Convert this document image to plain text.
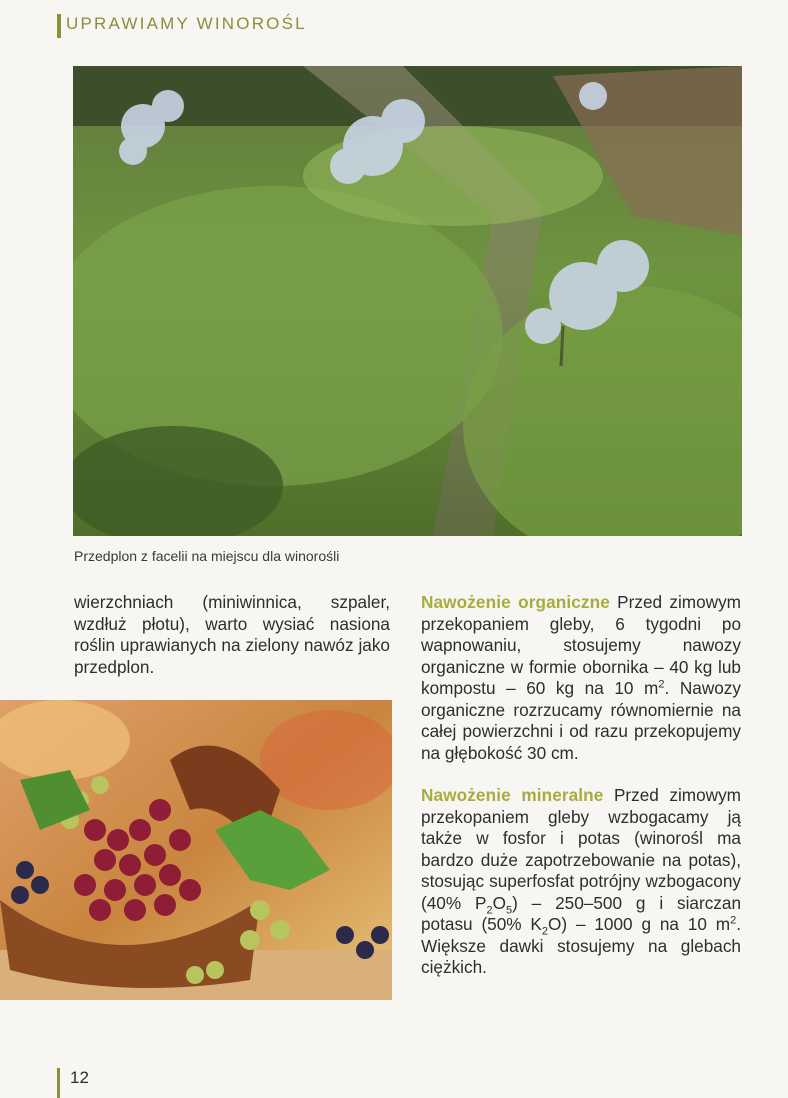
UPRAWIAMY WINOROŚL
Przedplon z facelii na miejscu dla winorośli

wierzchniach (miniwinnica, szpaler, wzdłuż płotu), warto wysiać nasiona roślin uprawianych na zielony nawóz jako przedplon.

Nawożenie organiczne Przed zimowym przekopaniem gleby, 6 tygodni po wapnowaniu, stosujemy nawozy organiczne w formie obornika – 40 kg lub kompostu – 60 kg na 10 $m^2$. Nawozy organiczne rozrzucamy równomiernie na całej powierzchni i od razu przekopujemy na głębokość 30 cm.

Nawożenie mineralne Przed zimowym przekopaniem gleby wzbogacamy ją także w fosfor i potas (winorośl ma bardzo duże zapotrzebowanie na potas), stosując superfosfat potrójny wzbogacony (40% $P_2O_5) - 250-500$ g i siarczan potasu (50% $K_2O) - 1000$ g na 10 $m^2$. Większe dawki stosujemy na glebach ciężkich.

12
